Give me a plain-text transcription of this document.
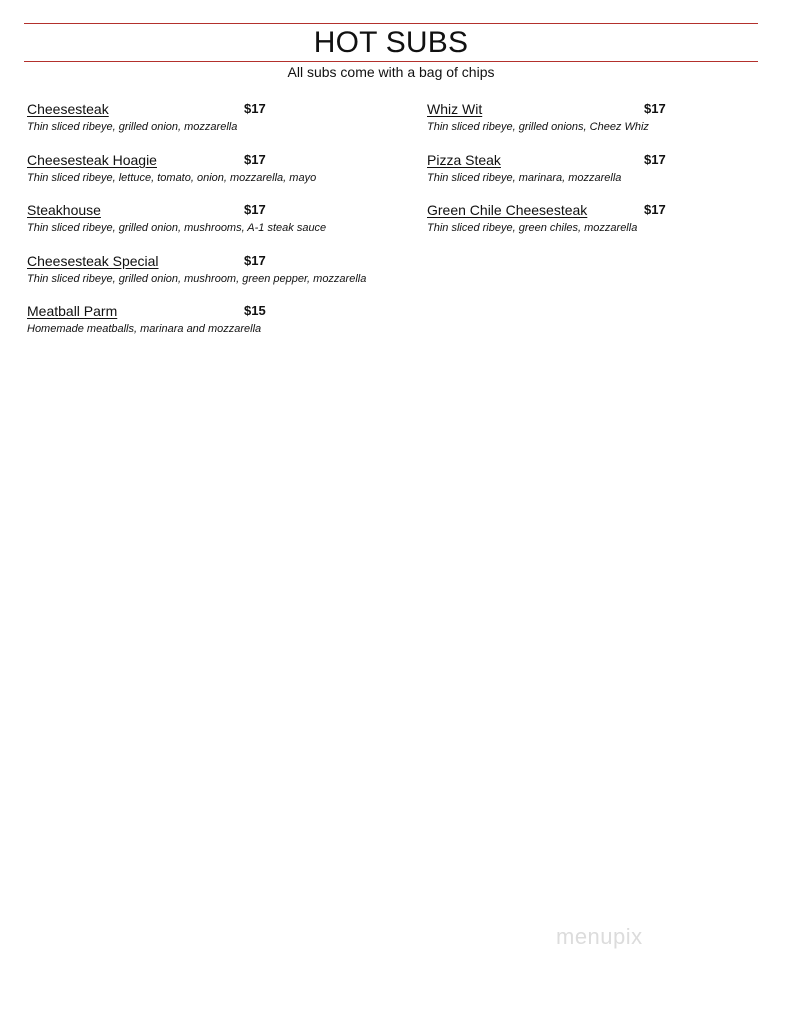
HOT SUBS
All subs come with a bag of chips
Cheesesteak	$17
Thin sliced ribeye, grilled onion, mozzarella
Cheesesteak Hoagie	$17
Thin sliced ribeye, lettuce, tomato, onion, mozzarella, mayo
Steakhouse	$17
Thin sliced ribeye, grilled onion, mushrooms, A-1 steak sauce
Cheesesteak Special	$17
Thin sliced ribeye, grilled onion, mushroom, green pepper, mozzarella
Meatball Parm	$15
Homemade meatballs, marinara and mozzarella
Whiz Wit	$17
Thin sliced ribeye, grilled onions, Cheez Whiz
Pizza Steak	$17
Thin sliced ribeye, marinara, mozzarella
Green Chile Cheesesteak	$17
Thin sliced ribeye, green chiles, mozzarella
menupix
